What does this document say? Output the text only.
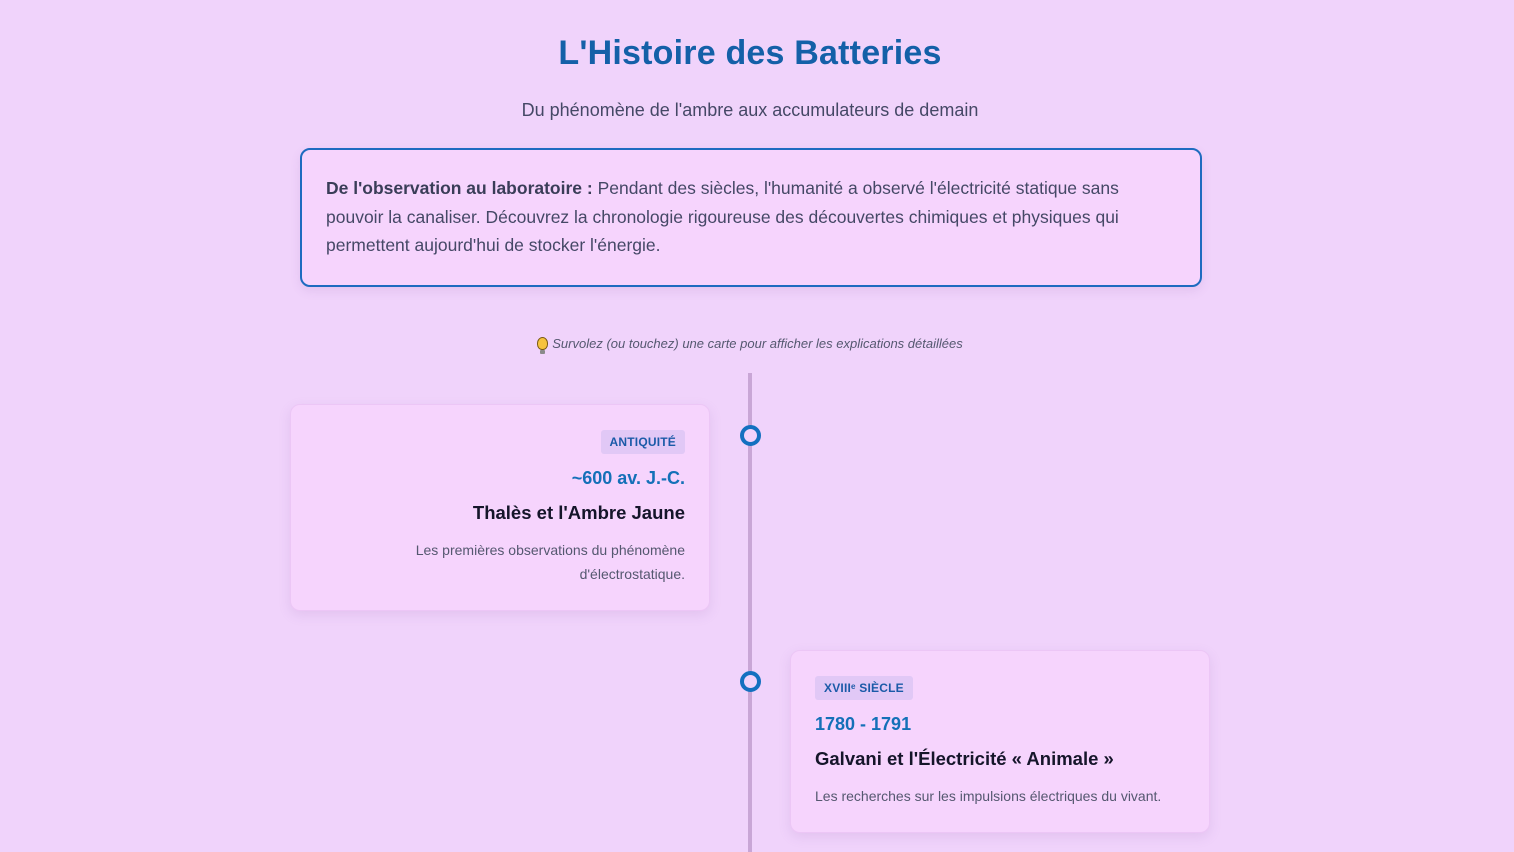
L'Histoire des Batteries

Du phénomène de l'ambre aux accumulateurs de demain

De l'observation au laboratoire : Pendant des siècles, l'humanité a observé l'électricité statique sans pouvoir la canaliser. Découvrez la chronologie rigoureuse des découvertes chimiques et physiques qui permettent aujourd'hui de stocker l'énergie.
Survolez (ou touchez) une carte pour afficher les explications détaillées
ANTIQUITÉ
~600 av. J.-C.
Thalès et l'Ambre Jaune
Les premières observations du phénomène d'électrostatique.
XVIIIᵉ SIÈCLE
1780 - 1791
Galvani et l'Électricité « Animale »
Les recherches sur les impulsions électriques du vivant.
